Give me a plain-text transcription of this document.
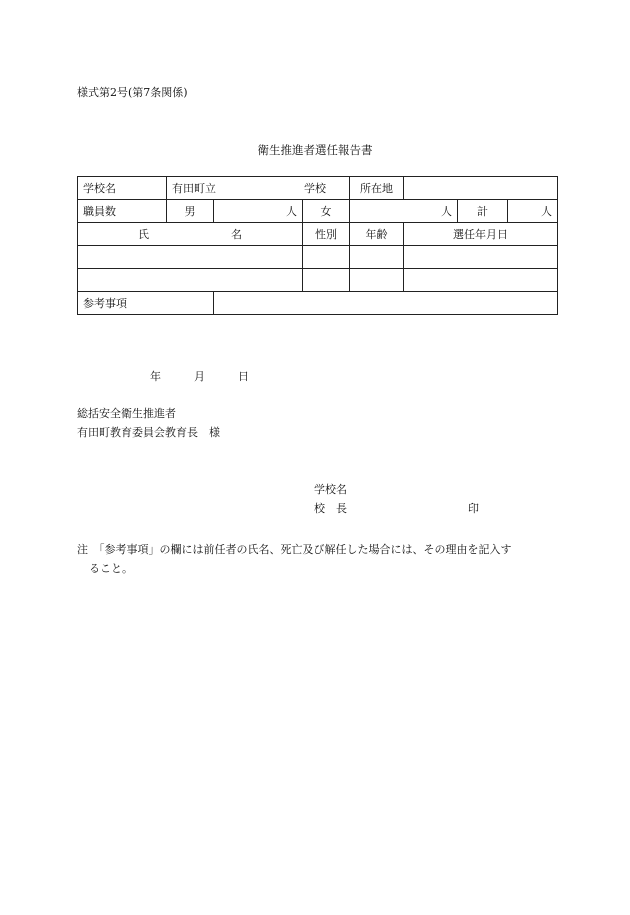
様式第2号(第7条関係)
衛生推進者選任報告書
学校名	有田町立 学校			所在地			
職員数	男	人	女	人		計	人

氏 名			性別	年齢	選任年月日		

参考事項							
年	月	日
総括安全衛生推進者
有田町教育委員会教育長　様
学校名
校　長	印
注　「参考事項」の欄には前任者の氏名、死亡及び解任した場合には、その理由を記入す
ること。
